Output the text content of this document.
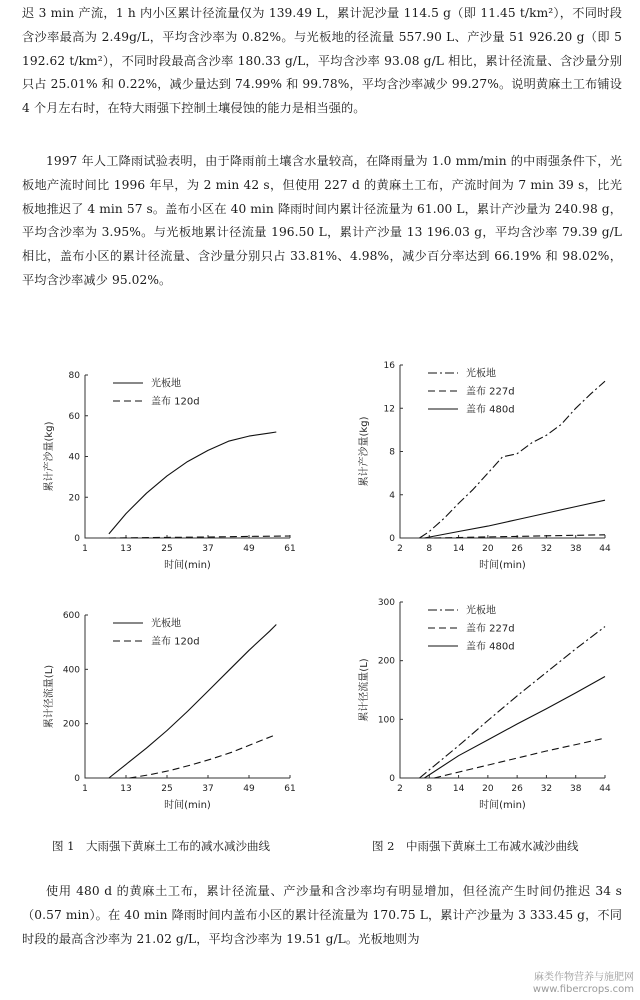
迟 3 min 产流，1 h 内小区累计径流量仅为 139.49 L，累计泥沙量 114.5 g（即 11.45 t/km²），不同时段含沙率最高为 2.49g/L，平均含沙率为 0.82%。与光板地的径流量 557.90 L、产沙量 51 926.20 g（即 5 192.62 t/km²），不同时段最高含沙率 180.33 g/L，平均含沙率 93.08 g/L 相比，累计径流量、含沙量分别只占 25.01% 和 0.22%，减少量达到 74.99% 和 99.78%，平均含沙率减少 99.27%。说明黄麻土工布铺设 4 个月左右时，在特大雨强下控制土壤侵蚀的能力是相当强的。

1997 年人工降雨试验表明，由于降雨前土壤含水量较高，在降雨量为 1.0 mm/min 的中雨强条件下，光板地产流时间比 1996 年早，为 2 min 42 s，但使用 227 d 的黄麻土工布，产流时间为 7 min 39 s，比光板地推迟了 4 min 57 s。盖布小区在 40 min 降雨时间内累计径流量为 61.00 L，累计产沙量为 240.98 g，平均含沙率为 3.95%。与光板地累计径流量 196.50 L，累计产沙量 13 196.03 g，平均含沙率 79.39 g/L 相比，盖布小区的累计径流量、含沙量分别只占 33.81%、4.98%，减少百分率达到 66.19% 和 98.02%，平均含沙率减少 95.02%。

1	13	25	37	49	61
0
20
40
60
80
时间(min)
累计产沙量(kg)
光板地
盖布 120d
1	13	25	37	49	61
0
200
400
600
时间(min)
累计径流量(L)
光板地
盖布 120d
2	8 14 20 26 32 38 44
0
4
8
12
16
时间(min)
累计产沙量(kg)
光板地
盖布 227d
盖布 480d
2	8 14 20 26 32 38 44
0
100
200
300
时间(min)
累计径流量(L)
光板地
盖布 227d
盖布 480d

图 1　大雨强下黄麻土工布的减水减沙曲线	图 2　中雨强下黄麻土工布减水减沙曲线

使用 480 d 的黄麻土工布，累计径流量、产沙量和含沙率均有明显增加，但径流产生时间仍推迟 34 s（0.57 min）。在 40 min 降雨时间内盖布小区的累计径流量为 170.75 L，累计产沙量为 3 333.45 g，不同时段的最高含沙率为 21.02 g/L，平均含沙率为 19.51 g/L。光板地则为

麻类作物营养与施肥网
www.fibercrops.com
